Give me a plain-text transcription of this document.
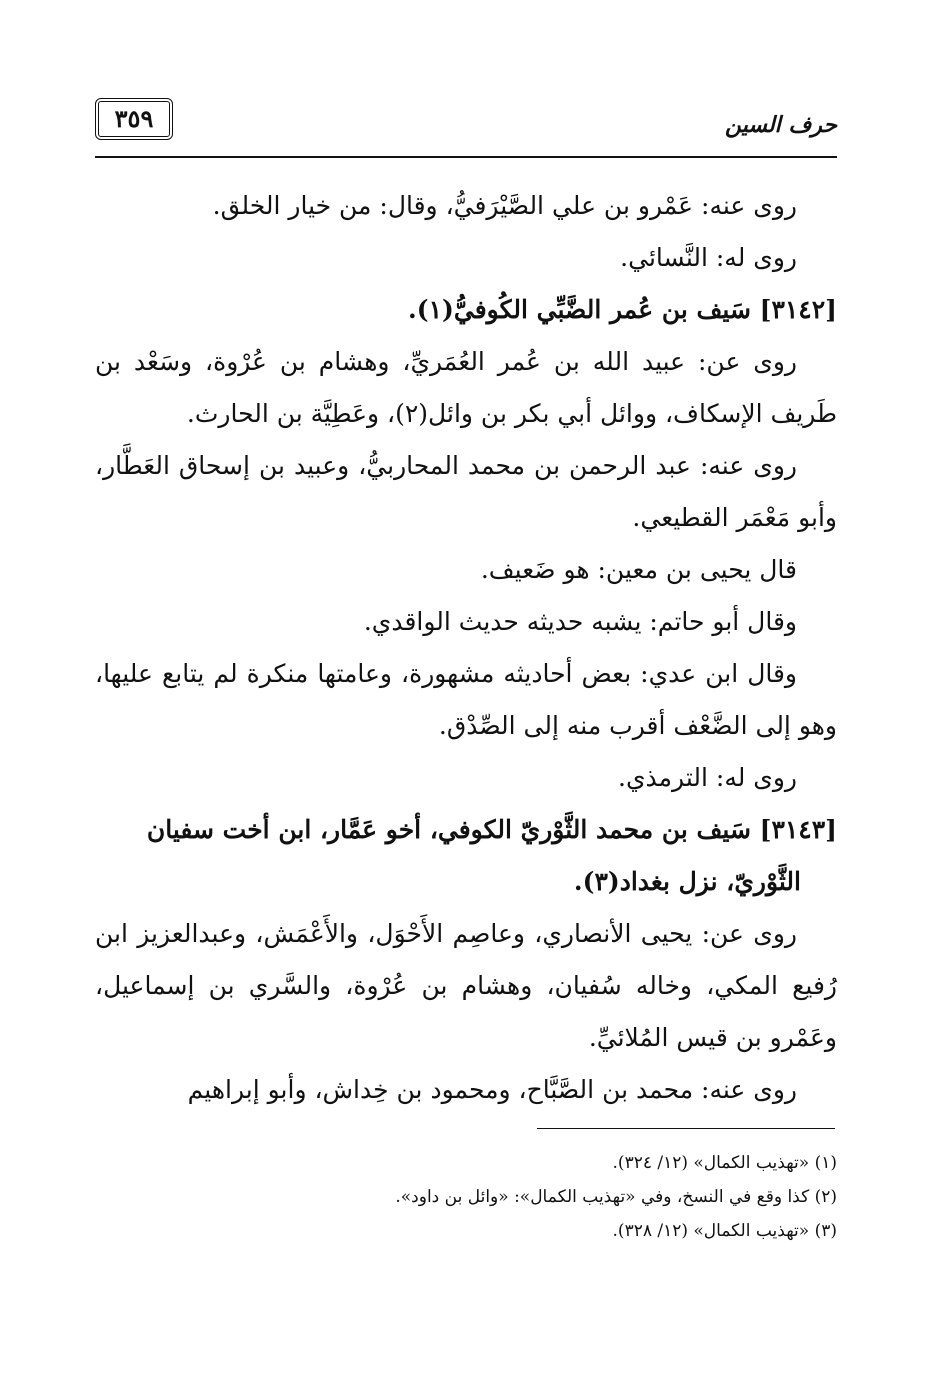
٣٥٩	حرف السين

روى عنه: عَمْرو بن علي الصَّيْرَفيُّ، وقال: من خيار الخلق.

روى له: النَّسائي.

[٣١٤٢] سَيف بن عُمر الضَّبِّي الكُوفيُّ(١).

روى عن: عبيد الله بن عُمر العُمَريِّ، وهشام بن عُرْوة، وسَعْد بن طَريف الإسكاف، ووائل أبي بكر بن وائل(٢)، وعَطِيَّة بن الحارث.

روى عنه: عبد الرحمن بن محمد المحاربيُّ، وعبيد بن إسحاق العَطَّار، وأبو مَعْمَر القطيعي.

قال يحيى بن معين: هو ضَعيف.

وقال أبو حاتم: يشبه حديثه حديث الواقدي.

وقال ابن عدي: بعض أحاديثه مشهورة، وعامتها منكرة لم يتابع عليها، وهو إلى الضَّعْف أقرب منه إلى الصِّدْق.

روى له: الترمذي.

[٣١٤٣] سَيف بن محمد الثَّوْريّ الكوفي، أخو عَمَّار، ابن أخت سفيان

الثَّوْريّ، نزل بغداد(٣).

روى عن: يحيى الأنصاري، وعاصِم الأَحْوَل، والأَعْمَش، وعبدالعزيز ابن رُفيع المكي، وخاله سُفيان، وهشام بن عُرْوة، والسَّري بن إسماعيل، وعَمْرو بن قيس المُلائيِّ.

روى عنه: محمد بن الصَّبَّاح، ومحمود بن خِداش، وأبو إبراهيم

(١) «تهذيب الكمال» (١٢/ ٣٢٤).

(٢) كذا وقع في النسخ، وفي «تهذيب الكمال»: «وائل بن داود».

(٣) «تهذيب الكمال» (١٢/ ٣٢٨).
